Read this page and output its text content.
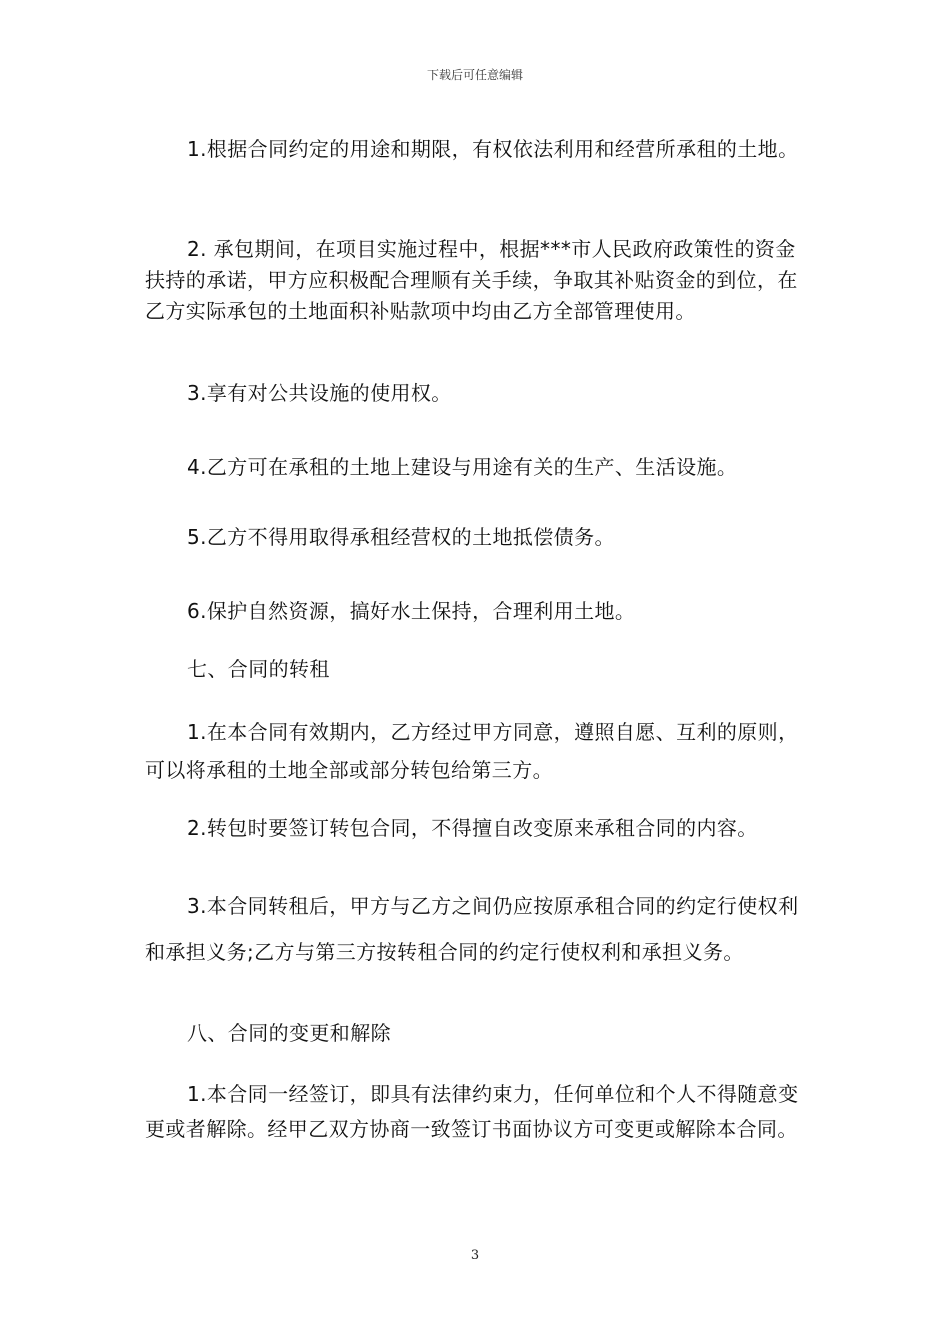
下载后可任意编辑

1.根据合同约定的用途和期限，有权依法利用和经营所承租的土地。

2. 承包期间，在项目实施过程中，根据***市人民政府政策性的资金扶持的承诺，甲方应积极配合理顺有关手续，争取其补贴资金的到位，在乙方实际承包的土地面积补贴款项中均由乙方全部管理使用。

3.享有对公共设施的使用权。

4.乙方可在承租的土地上建设与用途有关的生产、生活设施。

5.乙方不得用取得承租经营权的土地抵偿债务。

6.保护自然资源，搞好水土保持，合理利用土地。

七、合同的转租

1.在本合同有效期内，乙方经过甲方同意，遵照自愿、互利的原则，可以将承租的土地全部或部分转包给第三方。

2.转包时要签订转包合同，不得擅自改变原来承租合同的内容。

3.本合同转租后，甲方与乙方之间仍应按原承租合同的约定行使权利和承担义务;乙方与第三方按转租合同的约定行使权利和承担义务。

八、合同的变更和解除

1.本合同一经签订，即具有法律约束力，任何单位和个人不得随意变更或者解除。经甲乙双方协商一致签订书面协议方可变更或解除本合同。

3
